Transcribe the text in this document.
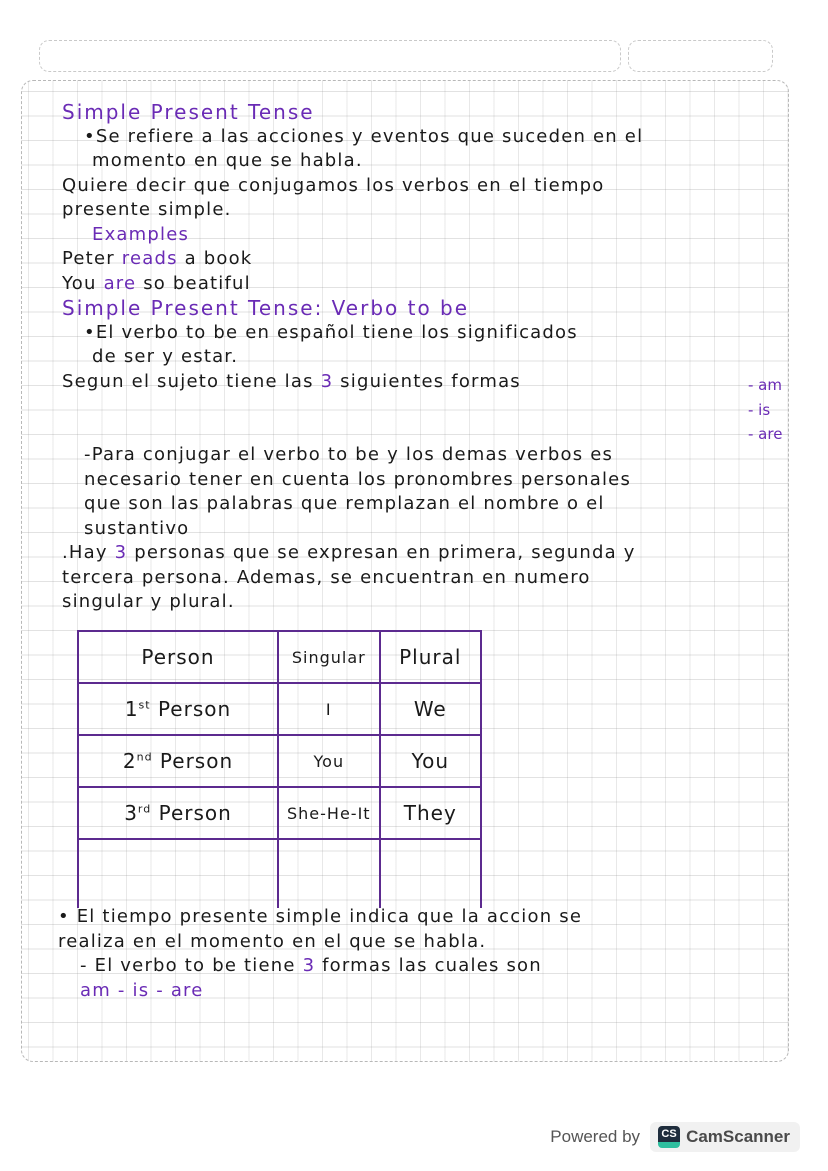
Simple Present Tense
•Se refiere a las acciones y eventos que suceden en el
momento en que se habla.
Quiere decir que conjugamos los verbos en el tiempo
presente simple.
Examples
Peter reads a book
You are so beatiful
Simple Present Tense: Verbo to be
•El verbo to be en español tiene los significados
de ser y estar.
Segun el sujeto tiene las 3 siguientes formas
-Para conjugar el verbo to be y los demas verbos es
necesario tener en cuenta los pronombres personales
que son las palabras que remplazan el nombre o el
sustantivo
.Hay 3 personas que se expresan en primera, segunda y
tercera persona. Ademas, se encuentran en numero
singular y plural.
- am
- is
- are
Person	Singular	Plural
1st Person	I	We
2nd Person	You	You
3rd Person	She-He-It	They

• El tiempo presente simple indica que la accion se
realiza en el momento en el que se habla.
- El verbo to be tiene 3 formas las cuales son
am - is - are
Powered by	CS CamScanner
